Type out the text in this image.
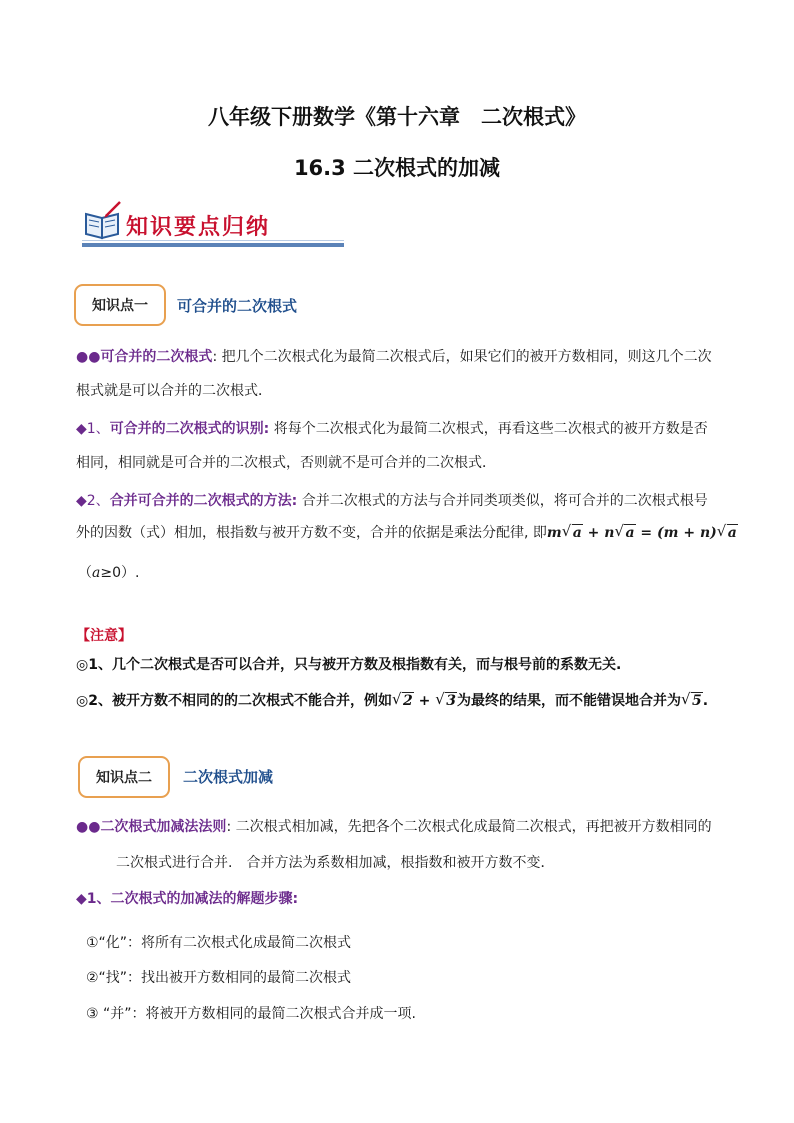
八年级下册数学《第十六章　二次根式》
16.3 二次根式的加减
知识要点归纳
知识点一	可合并的二次根式
●●可合并的二次根式: 把几个二次根式化为最简二次根式后，如果它们的被开方数相同，则这几个二次
根式就是可以合并的二次根式．
◆1、可合并的二次根式的识别: 将每个二次根式化为最简二次根式，再看这些二次根式的被开方数是否
相同，相同就是可合并的二次根式，否则就不是可合并的二次根式．
◆2、合并可合并的二次根式的方法: 合并二次根式的方法与合并同类项类似，将可合并的二次根式根号
外的因数（式）相加，根指数与被开方数不变，合并的依据是乘法分配律, 即m √ a + n √ a = (m + n) √ a
（a≥0）.
【注意】
◎1、几个二次根式是否可以合并，只与被开方数及根指数有关，而与根号前的系数无关.
◎2、被开方数不相同的的二次根式不能合并，例如 √ 2 + √ 3为最终的结果，而不能错误地合并为 √ 5.
知识点二	二次根式加减
●●二次根式加减法法则: 二次根式相加减，先把各个二次根式化成最简二次根式，再把被开方数相同的
二次根式进行合并.　合并方法为系数相加减，根指数和被开方数不变．
◆1、二次根式的加减法的解题步骤:
①“化”：将所有二次根式化成最简二次根式
②“找”：找出被开方数相同的最简二次根式
③ “并”：将被开方数相同的最简二次根式合并成一项.
